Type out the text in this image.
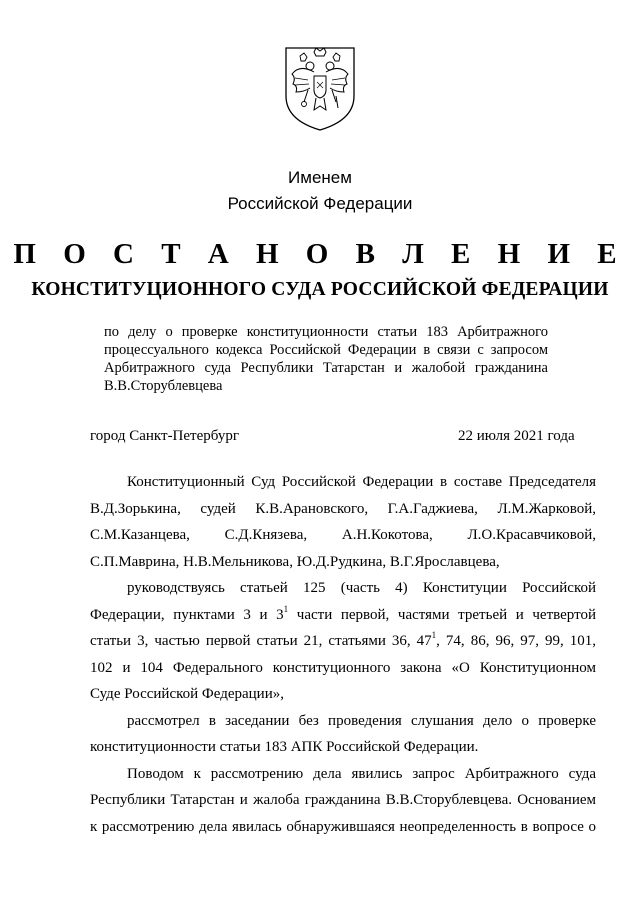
Именем
Российской Федерации
П О С Т А Н О В Л Е Н И Е
КОНСТИТУЦИОННОГО СУДА РОССИЙСКОЙ ФЕДЕРАЦИИ
по делу о проверке конституционности статьи 183 Арбитражного
процессуального кодекса Российской Федерации в связи с запросом
Арбитражного суда Республики Татарстан и жалобой гражданина
В.В.Сторублевцева
город Санкт-Петербург	22 июля 2021 года
Конституционный Суд Российской Федерации в составе Председателя
В.Д.Зорькина, судей К.В.Арановского, Г.А.Гаджиева, Л.М.Жарковой,
С.М.Казанцева, С.Д.Князева, А.Н.Кокотова, Л.О.Красавчиковой,
С.П.Маврина, Н.В.Мельникова, Ю.Д.Рудкина, В.Г.Ярославцева,
руководствуясь статьей 125 (часть 4) Конституции Российской
Федерации, пунктами 3 и $3^1$ части первой, частями третьей и четвертой
статьи 3, частью первой статьи 21, статьями 36, $47^1$, 74, 86, 96, 97, 99, 101,
102 и 104 Федерального конституционного закона «О Конституционном
Суде Российской Федерации»,
рассмотрел в заседании без проведения слушания дело о проверке
конституционности статьи 183 АПК Российской Федерации.
Поводом к рассмотрению дела явились запрос Арбитражного суда
Республики Татарстан и жалоба гражданина В.В.Сторублевцева. Основанием
к рассмотрению дела явилась обнаружившаяся неопределенность в вопросе о
